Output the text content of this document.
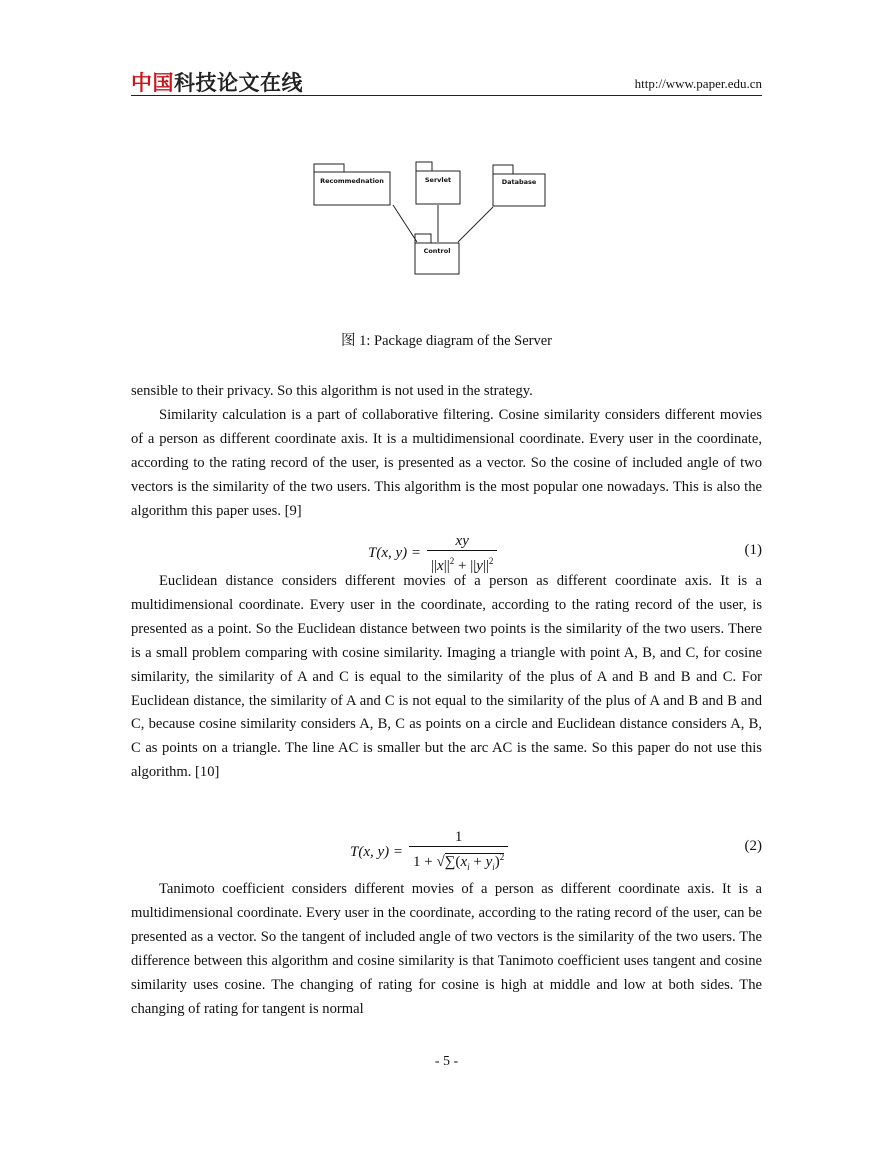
中国科技论文在线	http://www.paper.edu.cn
Recommednation	Servlet	Database
Control
图 1: Package diagram of the Server

sensible to their privacy. So this algorithm is not used in the strategy.

Similarity calculation is a part of collaborative filtering. Cosine similarity considers different movies of a person as different coordinate axis. It is a multidimensional coordinate. Every user in the coordinate, according to the rating record of the user, is presented as a vector. So the cosine of included angle of two vectors is the similarity of the two users. This algorithm is the most popular one nowadays. This is also the algorithm this paper uses. [9]

T(x, $y) = \frac{xy}{||x||^2 + ||y||^2}$	(1)

Euclidean distance considers different movies of a person as different coordinate axis. It is a multidimensional coordinate. Every user in the coordinate, according to the rating record of the user, is presented as a point. So the Euclidean distance between two points is the similarity of the two users. There is a small problem comparing with cosine similarity. Imaging a triangle with point A, B, and C, for cosine similarity, the similarity of A and C is equal to the similarity of the plus of A and B and B and C. For Euclidean distance, the similarity of A and C is not equal to the similarity of the plus of A and B and B and C, because cosine similarity considers A, B, C as points on a circle and Euclidean distance considers A, B, C as points on a triangle. The line AC is smaller but the arc AC is the same. So this paper do not use this algorithm. [10]

T(x, $y) = \frac{1}{1 + √\sum(x_i + y_i)^2}$	(2)

Tanimoto coefficient considers different movies of a person as different coordinate axis. It is a multidimensional coordinate. Every user in the coordinate, according to the rating record of the user, can be presented as a vector. So the tangent of included angle of two vectors is the similarity of the two users. The difference between this algorithm and cosine similarity is that Tanimoto coefficient uses tangent and cosine similarity uses cosine. The changing of rating for cosine is high at middle and low at both sides. The changing of rating for tangent is normal

- 5 -
